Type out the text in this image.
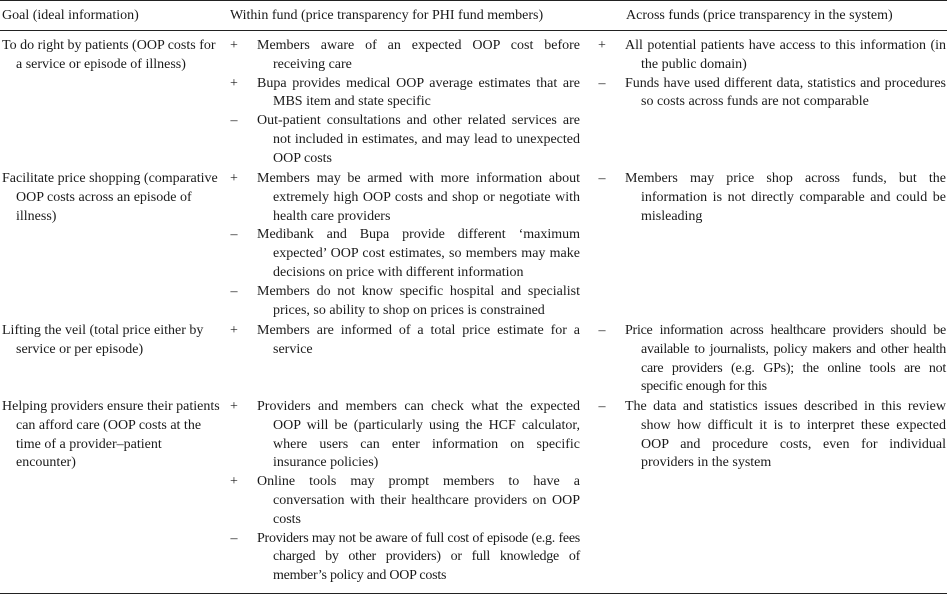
Goal (ideal information)	Within fund (price transparency for PHI fund members)	Across funds (price transparency in the system)
To do right by patients (OOP costs for a service or episode of illness)
+ Members aware of an expected OOP cost before receiving care
+ Bupa provides medical OOP average estimates that are MBS item and state specific
– Out-patient consultations and other related services are not included in estimates, and may lead to unexpected OOP costs
+ All potential patients have access to this information (in the public domain)
– Funds have used different data, statistics and procedures so costs across funds are not comparable
Facilitate price shopping (comparative OOP costs across an episode of illness)
+ Members may be armed with more information about extremely high OOP costs and shop or negotiate with health care providers
– Medibank and Bupa provide different ‘maximum expected’ OOP cost estimates, so members may make decisions on price with different information
– Members do not know specific hospital and specialist prices, so ability to shop on prices is constrained
– Members may price shop across funds, but the information is not directly comparable and could be misleading
Lifting the veil (total price either by service or per episode)
+ Members are informed of a total price estimate for a service
– Price information across healthcare providers should be available to journalists, policy makers and other health care providers (e.g. GPs); the online tools are not specific enough for this
Helping providers ensure their patients can afford care (OOP costs at the time of a provider–patient encounter)
+ Providers and members can check what the expected OOP will be (particularly using the HCF calculator, where users can enter information on specific insurance policies)
+ Online tools may prompt members to have a conversation with their healthcare providers on OOP costs
– Providers may not be aware of full cost of episode (e.g. fees charged by other providers) or full knowledge of member’s policy and OOP costs
– The data and statistics issues described in this review show how difficult it is to interpret these expected OOP and procedure costs, even for individual providers in the system
